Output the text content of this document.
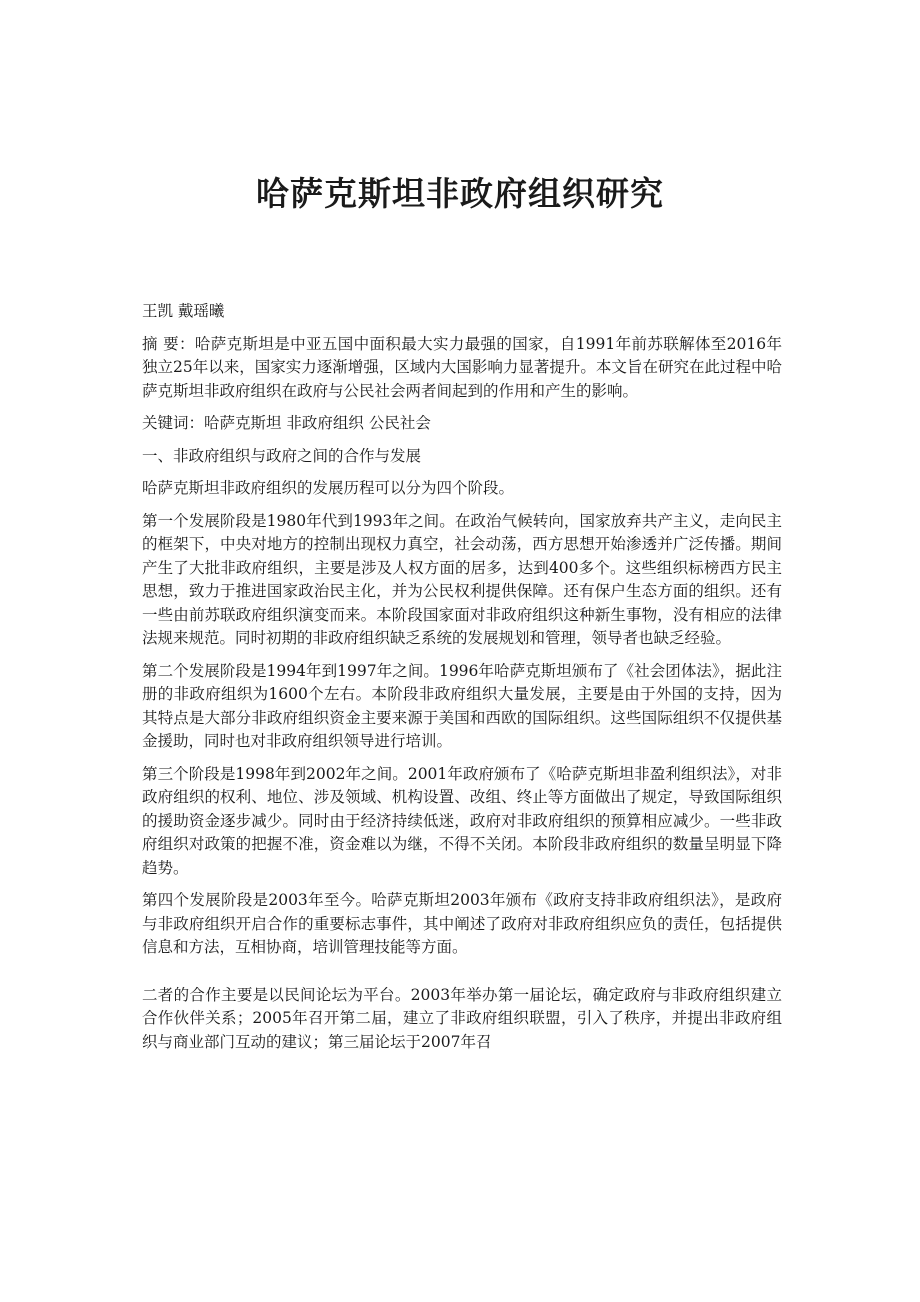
哈萨克斯坦非政府组织研究

王凯 戴瑶曦

摘 要：哈萨克斯坦是中亚五国中面积最大实力最强的国家，自1991年前苏联解体至2016年独立25年以来，国家实力逐渐增强，区域内大国影响力显著提升。本文旨在研究在此过程中哈萨克斯坦非政府组织在政府与公民社会两者间起到的作用和产生的影响。

关键词：哈萨克斯坦 非政府组织 公民社会

一、非政府组织与政府之间的合作与发展

哈萨克斯坦非政府组织的发展历程可以分为四个阶段。

第一个发展阶段是1980年代到1993年之间。在政治气候转向，国家放弃共产主义，走向民主的框架下，中央对地方的控制出现权力真空，社会动荡，西方思想开始渗透并广泛传播。期间产生了大批非政府组织，主要是涉及人权方面的居多，达到400多个。这些组织标榜西方民主思想，致力于推进国家政治民主化，并为公民权利提供保障。还有保户生态方面的组织。还有一些由前苏联政府组织演变而来。本阶段国家面对非政府组织这种新生事物，没有相应的法律法规来规范。同时初期的非政府组织缺乏系统的发展规划和管理，领导者也缺乏经验。

第二个发展阶段是1994年到1997年之间。1996年哈萨克斯坦颁布了《社会团体法》，据此注册的非政府组织为1600个左右。本阶段非政府组织大量发展，主要是由于外国的支持，因为其特点是大部分非政府组织资金主要来源于美国和西欧的国际组织。这些国际组织不仅提供基金援助，同时也对非政府组织领导进行培训。

第三个阶段是1998年到2002年之间。2001年政府颁布了《哈萨克斯坦非盈利组织法》，对非政府组织的权利、地位、涉及领域、机构设置、改组、终止等方面做出了规定，导致国际组织的援助资金逐步减少。同时由于经济持续低迷，政府对非政府组织的预算相应减少。一些非政府组织对政策的把握不准，资金难以为继，不得不关闭。本阶段非政府组织的数量呈明显下降趋势。

第四个发展阶段是2003年至今。哈萨克斯坦2003年颁布《政府支持非政府组织法》，是政府与非政府组织开启合作的重要标志事件，其中阐述了政府对非政府组织应负的责任，包括提供信息和方法，互相协商，培训管理技能等方面。

二者的合作主要是以民间论坛为平台。2003年举办第一届论坛，确定政府与非政府组织建立合作伙伴关系；2005年召开第二届，建立了非政府组织联盟，引入了秩序，并提出非政府组织与商业部门互动的建议；第三届论坛于2007年召
